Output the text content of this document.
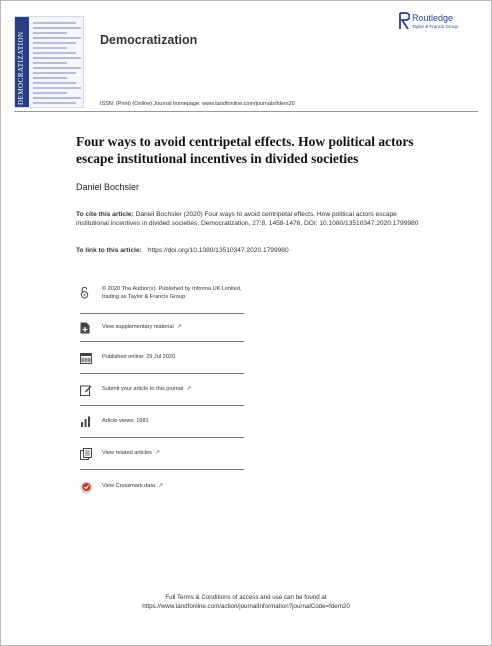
DEMOCRATIZATION	Democratization
Routledge
Taylor & Francis Group
ISSN: (Print) (Online) Journal homepage: www.tandfonline.com/journals/fdem20
Four ways to avoid centripetal effects. How political actors escape institutional incentives in divided societies
Daniel Bochsler
To cite this article: Daniel Bochsler (2020) Four ways to avoid centripetal effects. How political actors escape institutional incentives in divided societies, Democratization, 27:8, 1458-1476, DOI: 10.1080/13510347.2020.1799980
To link to this article: https://doi.org/10.1080/13510347.2020.1799980
© 2020 The Author(s). Published by Informa UK Limited, trading as Taylor & Francis Group
View supplementary material ↗
Published online: 29 Jul 2020.
Submit your article to this journal ↗
Article views: 1681
View related articles ↗
View Crossmark data ↗
Full Terms & Conditions of access and use can be found at
https://www.tandfonline.com/action/journalInformation?journalCode=fdem20
